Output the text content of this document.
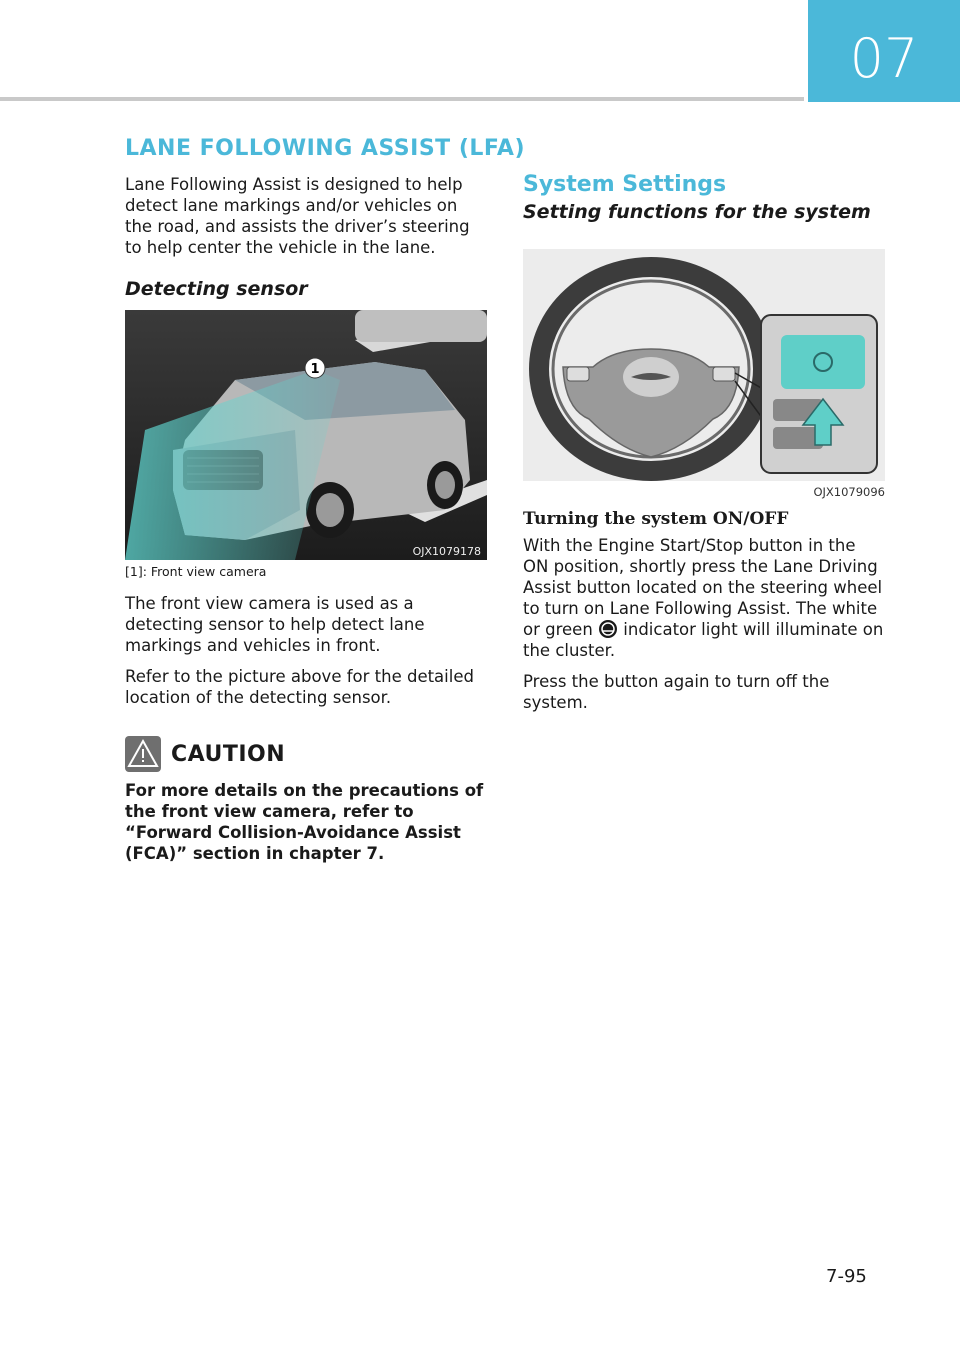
07
LANE FOLLOWING ASSIST (LFA)

Lane Following Assist is designed to help detect lane markings and/or vehicles on the road, and assists the driver’s steering to help center the vehicle in the lane.

Detecting sensor
1
OJX1079178
[1]: Front view camera

The front view camera is used as a detecting sensor to help detect lane markings and vehicles in front.

Refer to the picture above for the detailed location of the detecting sensor.

CAUTION

For more details on the precautions of the front view camera, refer to “Forward Collision-Avoidance Assist (FCA)” section in chapter 7.

System Settings
Setting functions for the system
OJX1079096
Turning the system ON/OFF

With the Engine Start/Stop button in the ON position, shortly press the Lane Driving Assist button located on the steering wheel to turn on Lane Following Assist. The white or green indicator light will illuminate on the cluster.

Press the button again to turn off the system.

7-95
